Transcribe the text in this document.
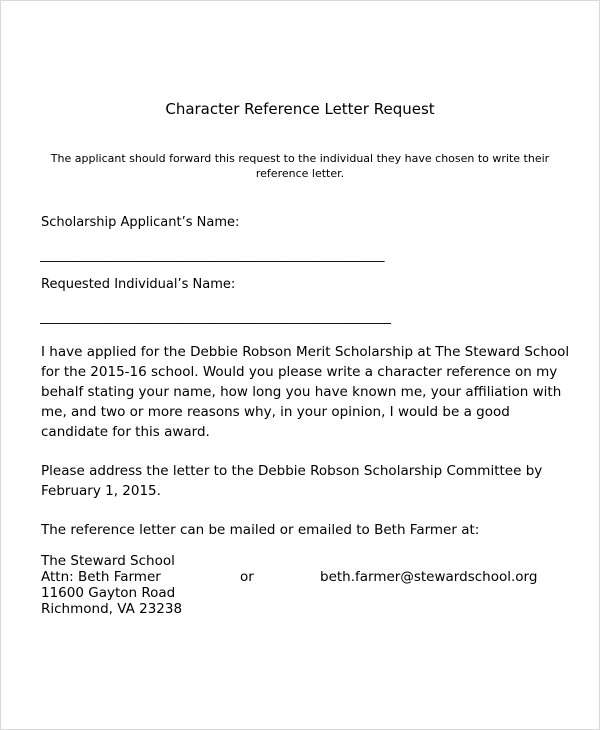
Character Reference Letter Request
The applicant should forward this request to the individual they have chosen to write their reference letter.
Scholarship Applicant’s Name:
_____________________________________________________
Requested Individual’s Name:
______________________________________________________
I have applied for the Debbie Robson Merit Scholarship at The Steward School for the 2015-16 school. Would you please write a character reference on my behalf stating your name, how long you have known me, your affiliation with me, and two or more reasons why, in your opinion, I would be a good candidate for this award.
Please address the letter to the Debbie Robson Scholarship Committee by February 1, 2015.
The reference letter can be mailed or emailed to Beth Farmer at:
The Steward School
Attn: Beth Farmer	or	beth.farmer@stewardschool.org
11600 Gayton Road
Richmond, VA 23238
